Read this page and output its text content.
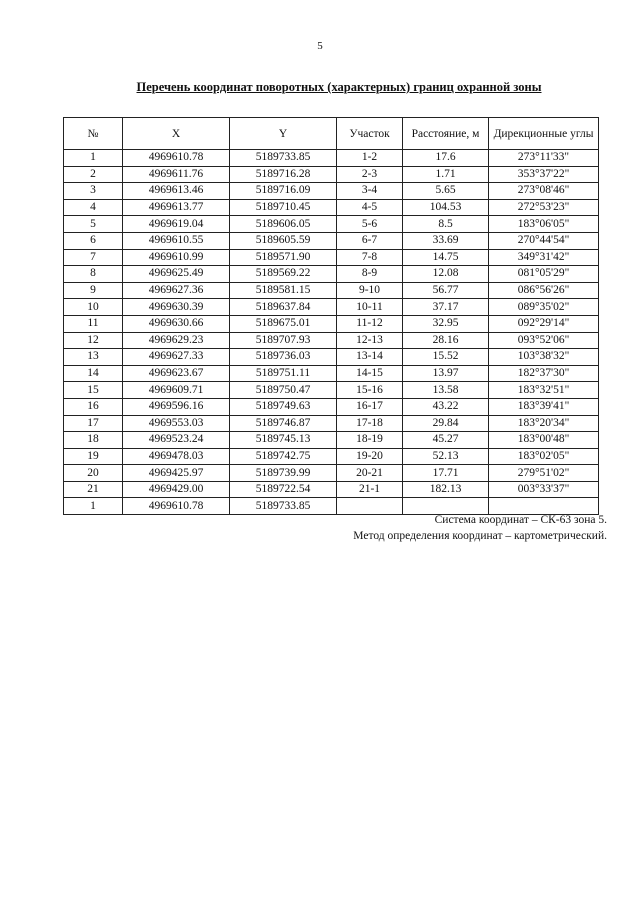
5
Перечень координат поворотных (характерных) границ охранной зоны
№	X	Y	Участок	Расстояние, м	Дирекционные углы
1	4969610.78	5189733.85	1-2	17.6	273°11'33"
2	4969611.76	5189716.28	2-3	1.71	353°37'22"
3	4969613.46	5189716.09	3-4	5.65	273°08'46"
4	4969613.77	5189710.45	4-5	104.53	272°53'23"
5	4969619.04	5189606.05	5-6	8.5	183°06'05"
6	4969610.55	5189605.59	6-7	33.69	270°44'54"
7	4969610.99	5189571.90	7-8	14.75	349°31'42"
8	4969625.49	5189569.22	8-9	12.08	081°05'29"
9	4969627.36	5189581.15	9-10	56.77	086°56'26"
10	4969630.39	5189637.84	10-11	37.17	089°35'02"
11	4969630.66	5189675.01	11-12	32.95	092°29'14"
12	4969629.23	5189707.93	12-13	28.16	093°52'06"
13	4969627.33	5189736.03	13-14	15.52	103°38'32"
14	4969623.67	5189751.11	14-15	13.97	182°37'30"
15	4969609.71	5189750.47	15-16	13.58	183°32'51"
16	4969596.16	5189749.63	16-17	43.22	183°39'41"
17	4969553.03	5189746.87	17-18	29.84	183°20'34"
18	4969523.24	5189745.13	18-19	45.27	183°00'48"
19	4969478.03	5189742.75	19-20	52.13	183°02'05"
20	4969425.97	5189739.99	20-21	17.71	279°51'02"
21	4969429.00	5189722.54	21-1	182.13	003°33'37"
1	4969610.78	5189733.85			
Система координат – СК-63 зона 5.
Метод определения координат – картометрический.
